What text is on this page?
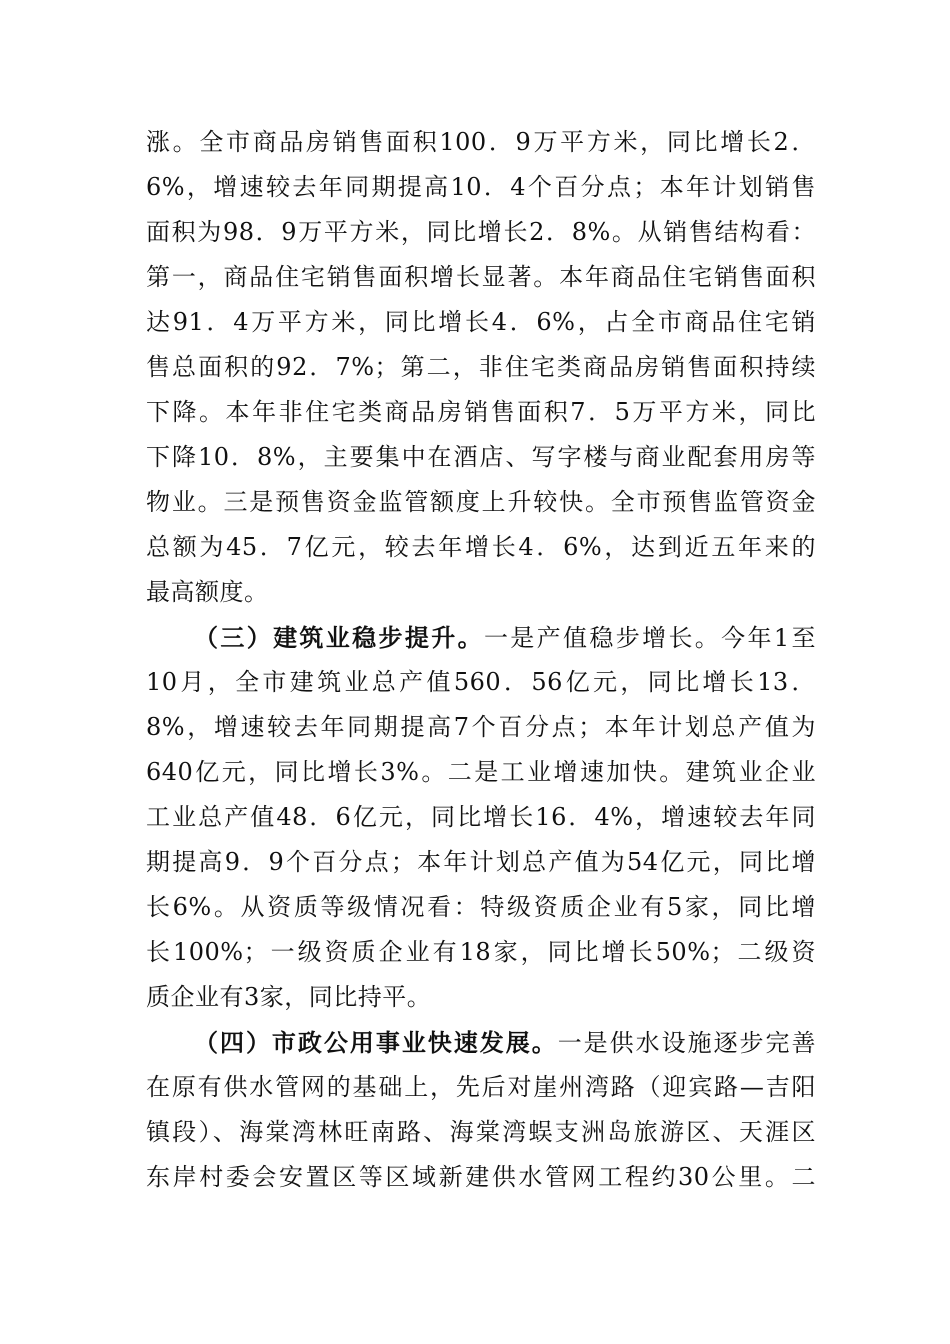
涨。全市商品房销售面积100．9万平方米，同比增长2．
6%，增速较去年同期提高10．4个百分点；本年计划销售
面积为98．9万平方米，同比增长2．8%。从销售结构看：
第一，商品住宅销售面积增长显著。本年商品住宅销售面积
达91．4万平方米，同比增长4．6%，占全市商品住宅销
售总面积的92．7%；第二，非住宅类商品房销售面积持续
下降。本年非住宅类商品房销售面积7．5万平方米，同比
下降10．8%，主要集中在酒店、写字楼与商业配套用房等
物业。三是预售资金监管额度上升较快。全市预售监管资金
总额为45．7亿元，较去年增长4．6%，达到近五年来的
最高额度。
（三）建筑业稳步提升。一是产值稳步增长。今年1至
10月，全市建筑业总产值560．56亿元，同比增长13．
8%，增速较去年同期提高7个百分点；本年计划总产值为
640亿元，同比增长3%。二是工业增速加快。建筑业企业
工业总产值48．6亿元，同比增长16．4%，增速较去年同
期提高9．9个百分点；本年计划总产值为54亿元，同比增
长6%。从资质等级情况看：特级资质企业有5家，同比增
长100%；一级资质企业有18家，同比增长50%；二级资
质企业有3家，同比持平。
（四）市政公用事业快速发展。一是供水设施逐步完善
在原有供水管网的基础上，先后对崖州湾路（迎宾路—吉阳
镇段）、海棠湾林旺南路、海棠湾蜈支洲岛旅游区、天涯区
东岸村委会安置区等区域新建供水管网工程约30公里。二
